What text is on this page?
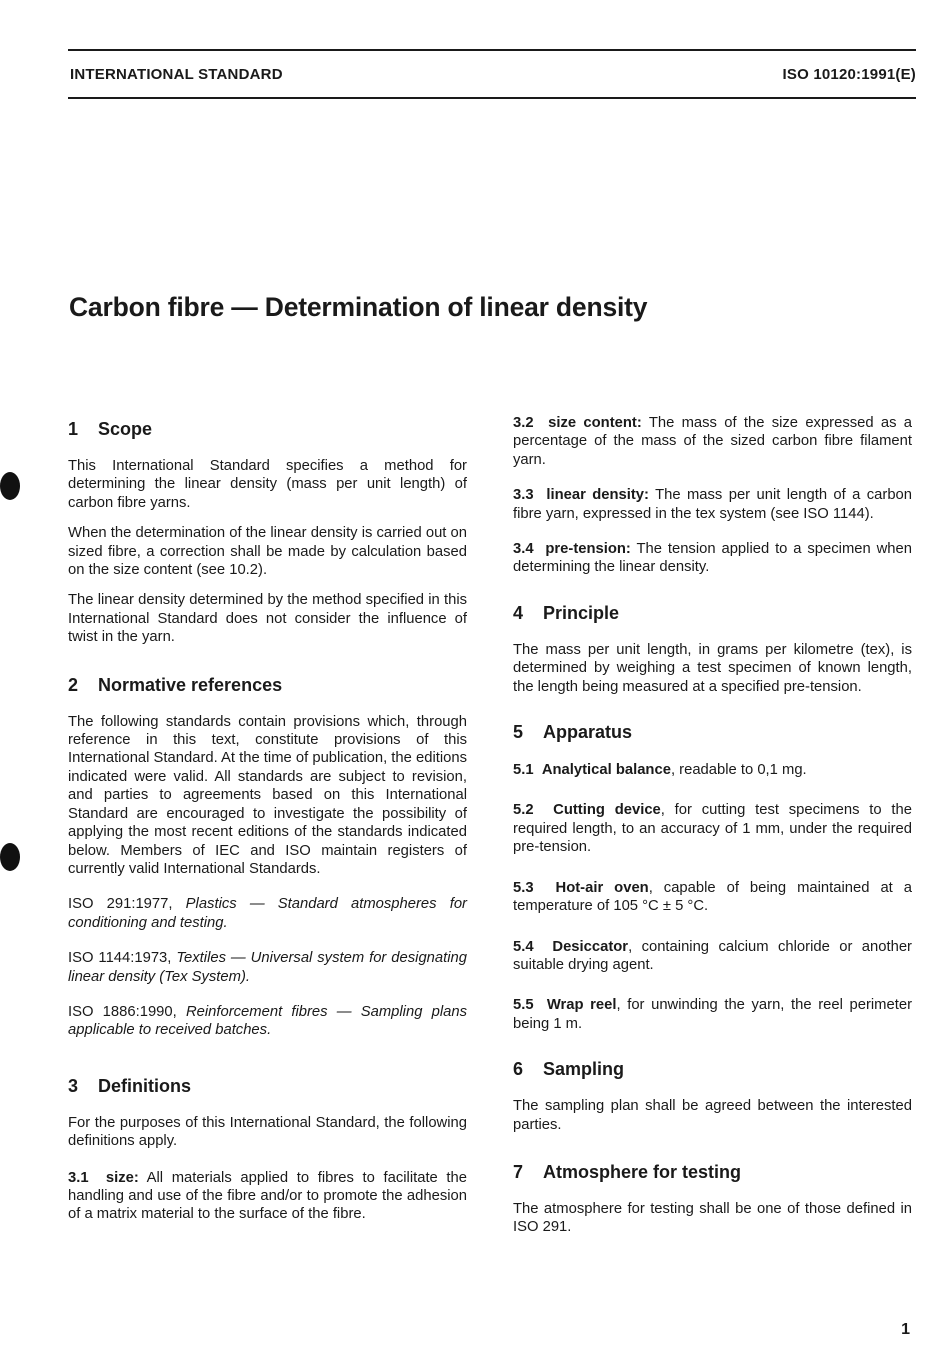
INTERNATIONAL STANDARD	ISO 10120:1991(E)
Carbon fibre — Determination of linear density
1 Scope

This International Standard specifies a method for determining the linear density (mass per unit length) of carbon fibre yarns.

When the determination of the linear density is carried out on sized fibre, a correction shall be made by calculation based on the size content (see 10.2).

The linear density determined by the method specified in this International Standard does not consider the influence of twist in the yarn.

2 Normative references

The following standards contain provisions which, through reference in this text, constitute provisions of this International Standard. At the time of publication, the editions indicated were valid. All standards are subject to revision, and parties to agreements based on this International Standard are encouraged to investigate the possibility of applying the most recent editions of the standards indicated below. Members of IEC and ISO maintain registers of currently valid International Standards.

ISO 291:1977, Plastics — Standard atmospheres for conditioning and testing.

ISO 1144:1973, Textiles — Universal system for designating linear density (Tex System).

ISO 1886:1990, Reinforcement fibres — Sampling plans applicable to received batches.

3 Definitions

For the purposes of this International Standard, the following definitions apply.

3.1 size: All materials applied to fibres to facilitate the handling and use of the fibre and/or to promote the adhesion of a matrix material to the surface of the fibre.

3.2 size content: The mass of the size expressed as a percentage of the mass of the sized carbon fibre filament yarn.

3.3 linear density: The mass per unit length of a carbon fibre yarn, expressed in the tex system (see ISO 1144).

3.4 pre-tension: The tension applied to a specimen when determining the linear density.

4 Principle

The mass per unit length, in grams per kilometre (tex), is determined by weighing a test specimen of known length, the length being measured at a specified pre-tension.

5 Apparatus

5.1 Analytical balance, readable to 0,1 mg.

5.2 Cutting device, for cutting test specimens to the required length, to an accuracy of 1 mm, under the required pre-tension.

5.3 Hot-air oven, capable of being maintained at a temperature of 105 °C ± 5 °C.

5.4 Desiccator, containing calcium chloride or another suitable drying agent.

5.5 Wrap reel, for unwinding the yarn, the reel perimeter being 1 m.

6 Sampling

The sampling plan shall be agreed between the interested parties.

7 Atmosphere for testing

The atmosphere for testing shall be one of those defined in ISO 291.

1
